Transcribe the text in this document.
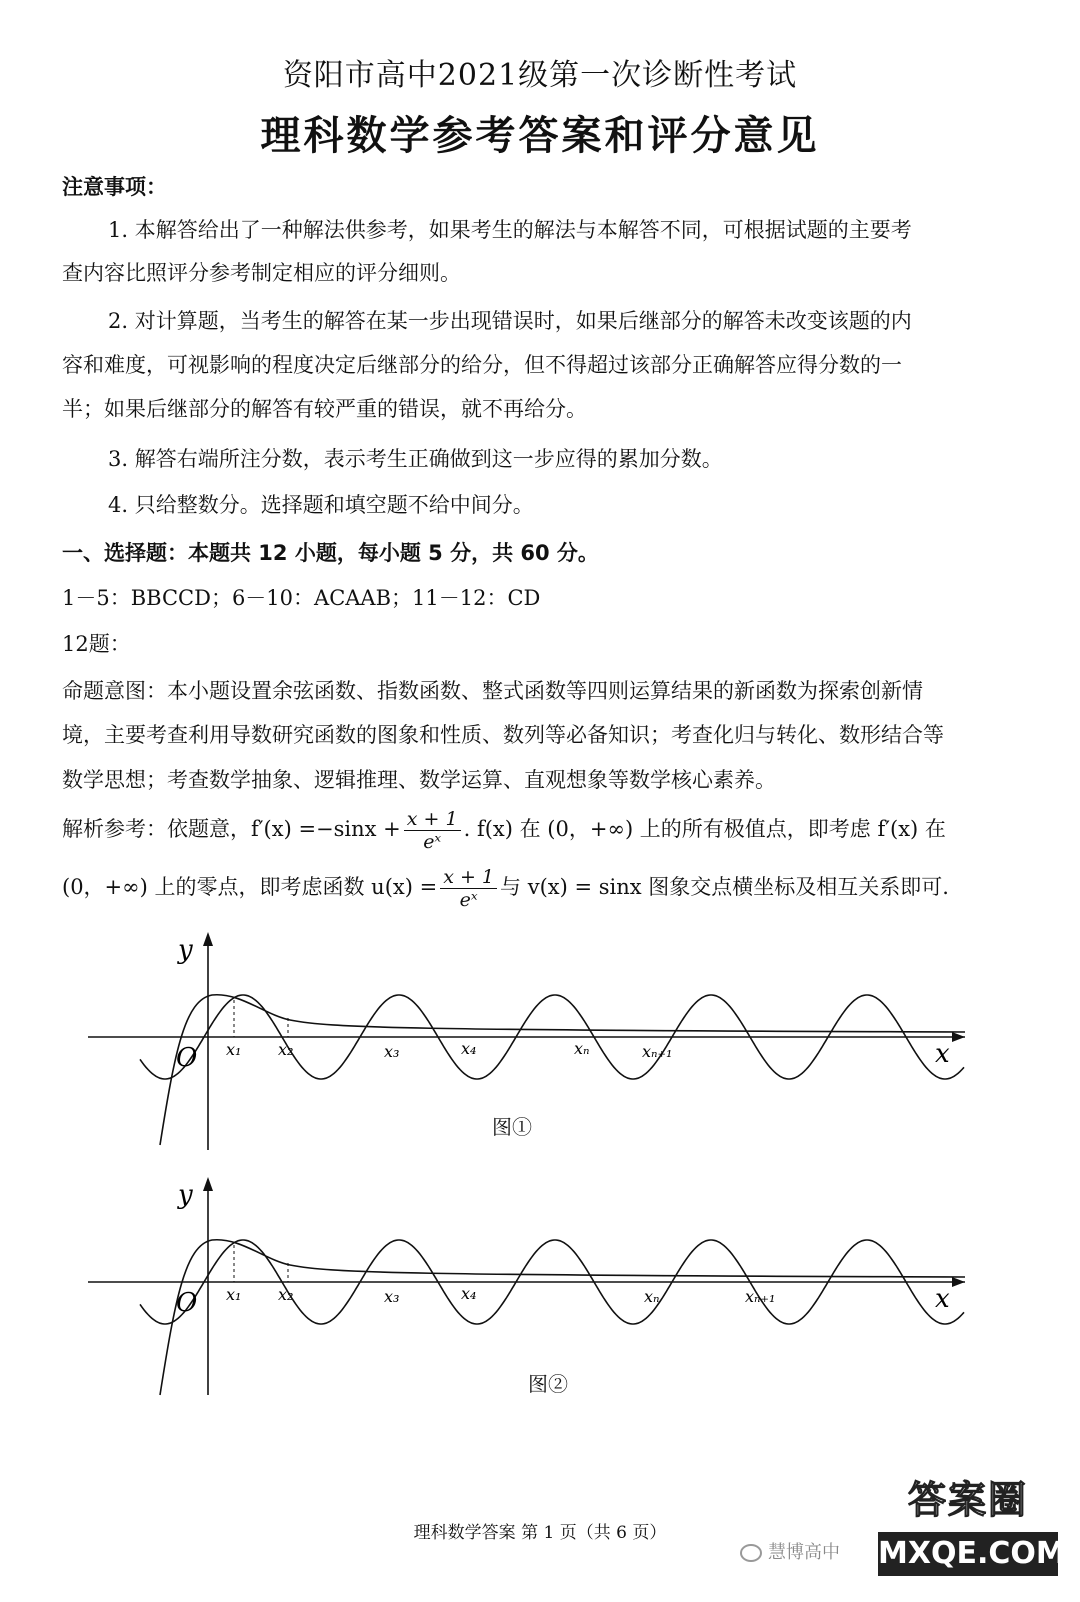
资阳市高中2021级第一次诊断性考试
理科数学参考答案和评分意见
注意事项：
1. 本解答给出了一种解法供参考，如果考生的解法与本解答不同，可根据试题的主要考
查内容比照评分参考制定相应的评分细则。
2. 对计算题，当考生的解答在某一步出现错误时，如果后继部分的解答未改变该题的内
容和难度，可视影响的程度决定后继部分的给分，但不得超过该部分正确解答应得分数的一
半；如果后继部分的解答有较严重的错误，就不再给分。
3. 解答右端所注分数，表示考生正确做到这一步应得的累加分数。
4. 只给整数分。选择题和填空题不给中间分。
一、选择题：本题共 12 小题，每小题 5 分，共 60 分。
1－5：BBCCD；6－10：ACAAB；11－12：CD
12题：
命题意图：本小题设置余弦函数、指数函数、整式函数等四则运算结果的新函数为探索创新情
境，主要考查利用导数研究函数的图象和性质、数列等必备知识；考查化归与转化、数形结合等
数学思想；考查数学抽象、逻辑推理、数学运算、直观想象等数学核心素养。
解析参考：依题意，$f'(x) =-\sin x + \frac{x + 1}{\text{eˣ}}$ . f(x) 在 (0，+∞) 上的所有极值点，即考虑 f′(x) 在
(0，+∞) 上的零点，即考虑函数 $u(x) = \frac{x + 1}{\text{eˣ}}$ 与 v(x) = sinx 图象交点横坐标及相互关系即可.
y
x
O x₁ x₂	x₃	x₄	xₙ	xₙ₊₁
图①
y
x
O x₁ x₂	x₃	x₄	xₙ	xₙ₊₁
图②
理科数学答案 第 1 页（共 6 页）
慧博高中
答案圈
MXQE.COM
